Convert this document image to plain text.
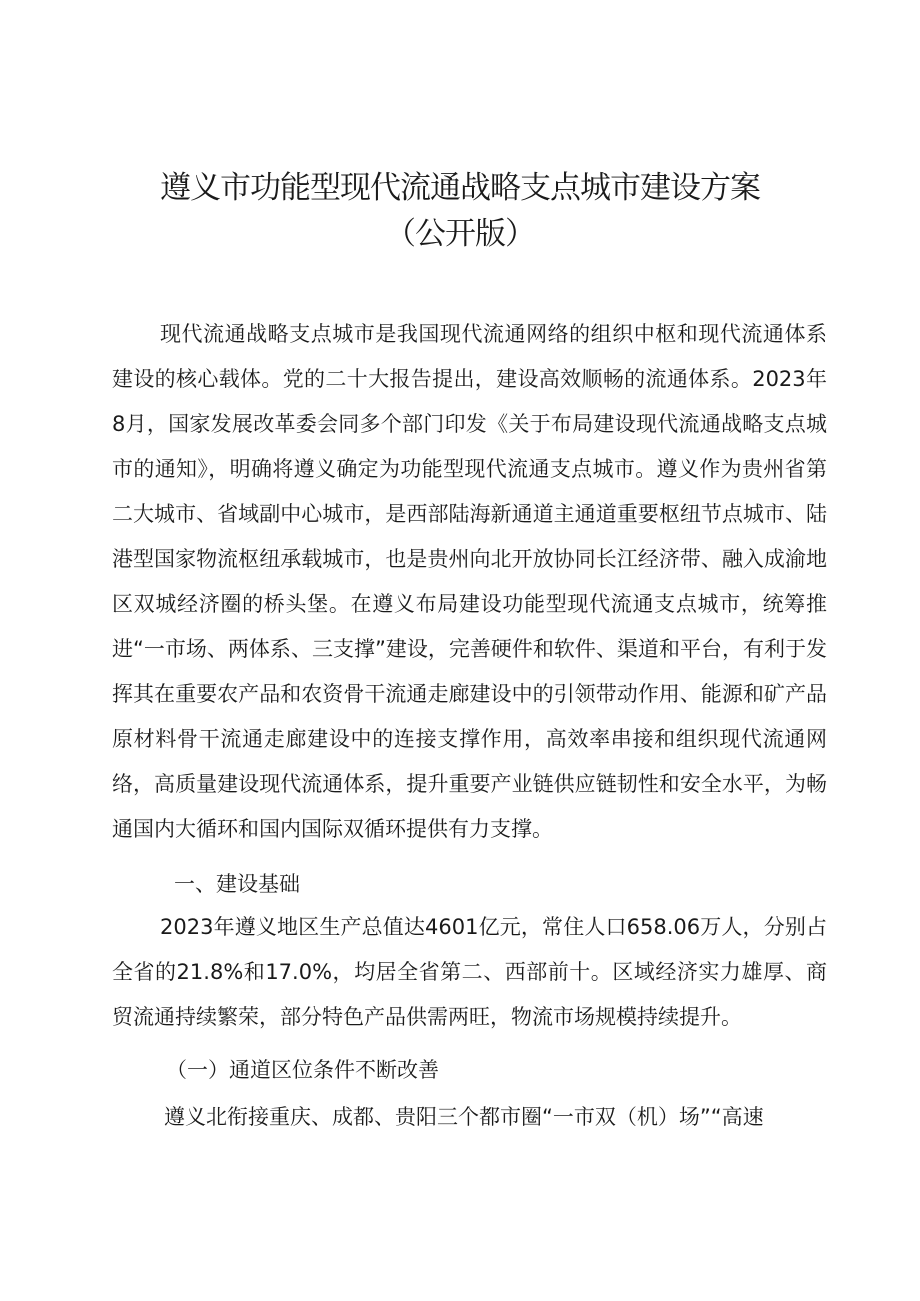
遵义市功能型现代流通战略支点城市建设方案
（公开版）

现代流通战略支点城市是我国现代流通网络的组织中枢和现代流通体系建设的核心载体。党的二十大报告提出，建设高效顺畅的流通体系。2023年8月，国家发展改革委会同多个部门印发《关于布局建设现代流通战略支点城市的通知》，明确将遵义确定为功能型现代流通支点城市。遵义作为贵州省第二大城市、省域副中心城市，是西部陆海新通道主通道重要枢纽节点城市、陆港型国家物流枢纽承载城市，也是贵州向北开放协同长江经济带、融入成渝地区双城经济圈的桥头堡。在遵义布局建设功能型现代流通支点城市，统筹推进“一市场、两体系、三支撑”建设，完善硬件和软件、渠道和平台，有利于发挥其在重要农产品和农资骨干流通走廊建设中的引领带动作用、能源和矿产品原材料骨干流通走廊建设中的连接支撑作用，高效率串接和组织现代流通网络，高质量建设现代流通体系，提升重要产业链供应链韧性和安全水平，为畅通国内大循环和国内国际双循环提供有力支撑。

一、建设基础

2023年遵义地区生产总值达4601亿元，常住人口658.06万人，分别占全省的21.8%和17.0%，均居全省第二、西部前十。区域经济实力雄厚、商贸流通持续繁荣，部分特色产品供需两旺，物流市场规模持续提升。

（一）通道区位条件不断改善

遵义北衔接重庆、成都、贵阳三个都市圈“一市双（机）场”“高速
